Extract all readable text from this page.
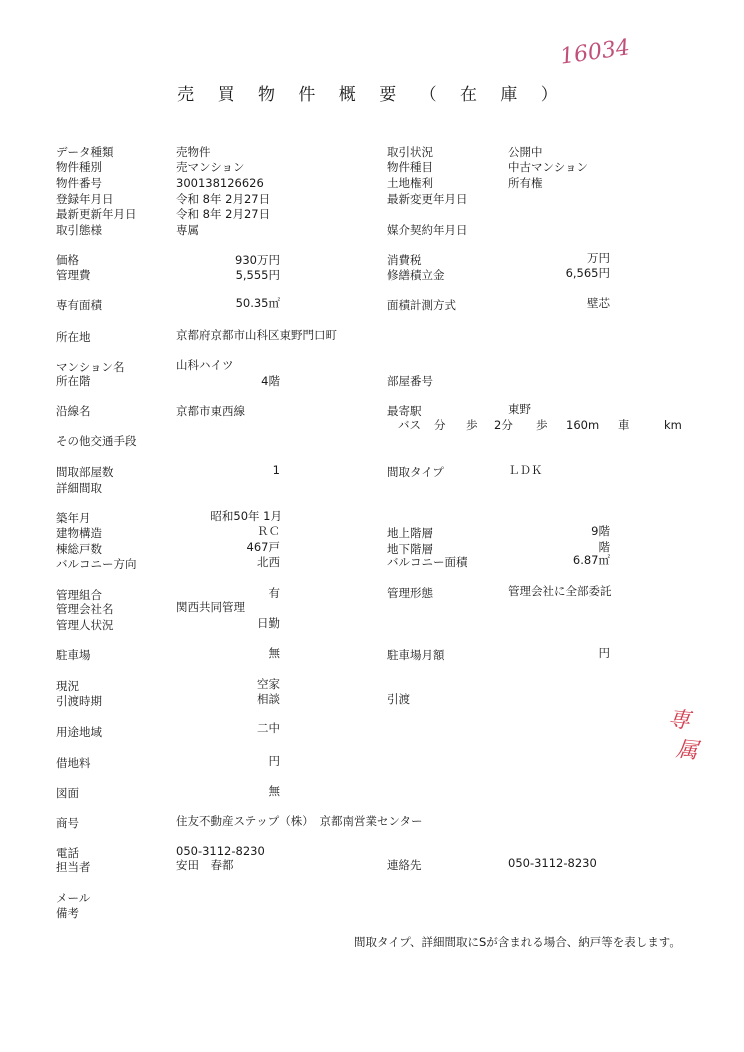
16034
専
属
売 買 物 件 概 要 （ 在 庫 ）
データ種類	売物件	取引状況	公開中
物件種別	売マンション	物件種目	中古マンション
物件番号	300138126626	土地権利	所有権
登録年月日	令和 8年 2月27日	最新変更年月日
最新更新年月日	令和 8年 2月27日
取引態様	専属	媒介契約年月日
価格	930万円	消費税	万円
管理費	5,555円	修繕積立金	6,565円
専有面積	50.35㎡	面積計測方式	壁芯
所在地	京都府京都市山科区東野門口町
マンション名	山科ハイツ
所在階	4階	部屋番号
沿線名	京都市東西線	最寄駅	東野
バス 分 歩 2分 歩 160m 車	km
その他交通手段
間取部屋数	1	間取タイプ	ＬＤＫ
詳細間取
築年月	昭和50年 1月
建物構造	ＲＣ	地上階層	9階
棟総戸数	467戸	地下階層	階
バルコニー方向	北西	バルコニー面積	6.87㎡
管理組合	有	管理形態	管理会社に全部委託
管理会社名	関西共同管理
管理人状況	日勤
駐車場	無	駐車場月額	円
現況	空家
引渡時期	相談	引渡
用途地域	二中
借地料	円
図面	無
商号	住友不動産ステップ（株）　京都南営業センター
電話	050-3112-8230
担当者	安田　春都	連絡先	050-3112-8230
メール
備考
間取タイプ、詳細間取にSが含まれる場合、納戸等を表します。
